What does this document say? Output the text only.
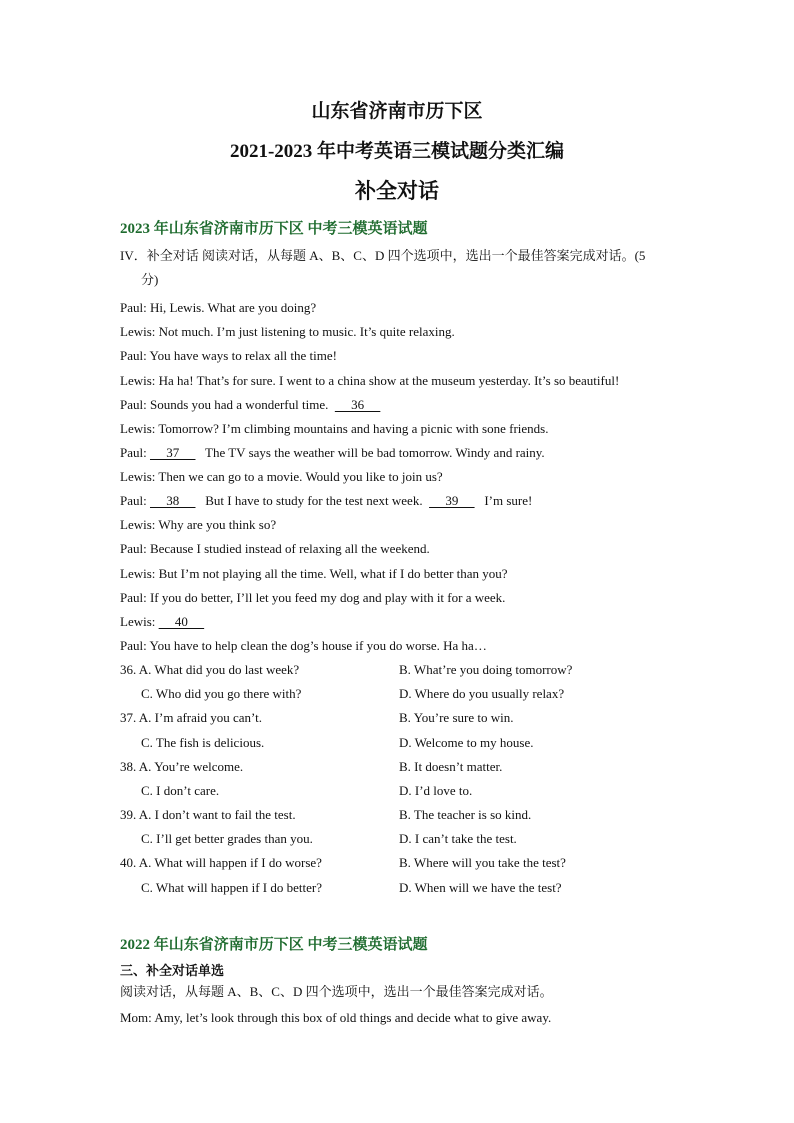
山东省济南市历下区
2021-2023 年中考英语三模试题分类汇编
补全对话
2023 年山东省济南市历下区 中考三模英语试题
IV．补全对话 阅读对话，从每题 A、B、C、D 四个选项中，选出一个最佳答案完成对话。(5
分)
Paul: Hi, Lewis. What are you doing?
Lewis: Not much. I’m just listening to music. It’s quite relaxing.
Paul: You have ways to relax all the time!
Lewis: Ha ha! That’s for sure. I went to a china show at the museum yesterday. It’s so beautiful!
Paul: Sounds you had a wonderful time.       36
Lewis: Tomorrow? I’m climbing mountains and having a picnic with sone friends.
Paul:      37        The TV says the weather will be bad tomorrow. Windy and rainy.
Lewis: Then we can go to a movie. Would you like to join us?
Paul:      38        But I have to study for the test next week.       39        I’m sure!
Lewis: Why are you think so?
Paul: Because I studied instead of relaxing all the weekend.
Lewis: But I’m not playing all the time. Well, what if I do better than you?
Paul: If you do better, I’ll let you feed my dog and play with it for a week.
Lewis:      40
Paul: You have to help clean the dog’s house if you do worse. Ha ha…
36. A. What did you do last week?	B. What’re you doing tomorrow?
C. Who did you go there with?	D. Where do you usually relax?
37. A. I’m afraid you can’t.	B. You’re sure to win.
C. The fish is delicious.	D. Welcome to my house.
38. A. You’re welcome.	B. It doesn’t matter.
C. I don’t care.	D. I’d love to.
39. A. I don’t want to fail the test.	B. The teacher is so kind.
C. I’ll get better grades than you.	D. I can’t take the test.
40. A. What will happen if I do worse?	B. Where will you take the test?
C. What will happen if I do better?	D. When will we have the test?
2022 年山东省济南市历下区 中考三模英语试题
三、补全对话单选
阅读对话，从每题 A、B、C、D 四个选项中，选出一个最佳答案完成对话。
Mom: Amy, let’s look through this box of old things and decide what to give away.
